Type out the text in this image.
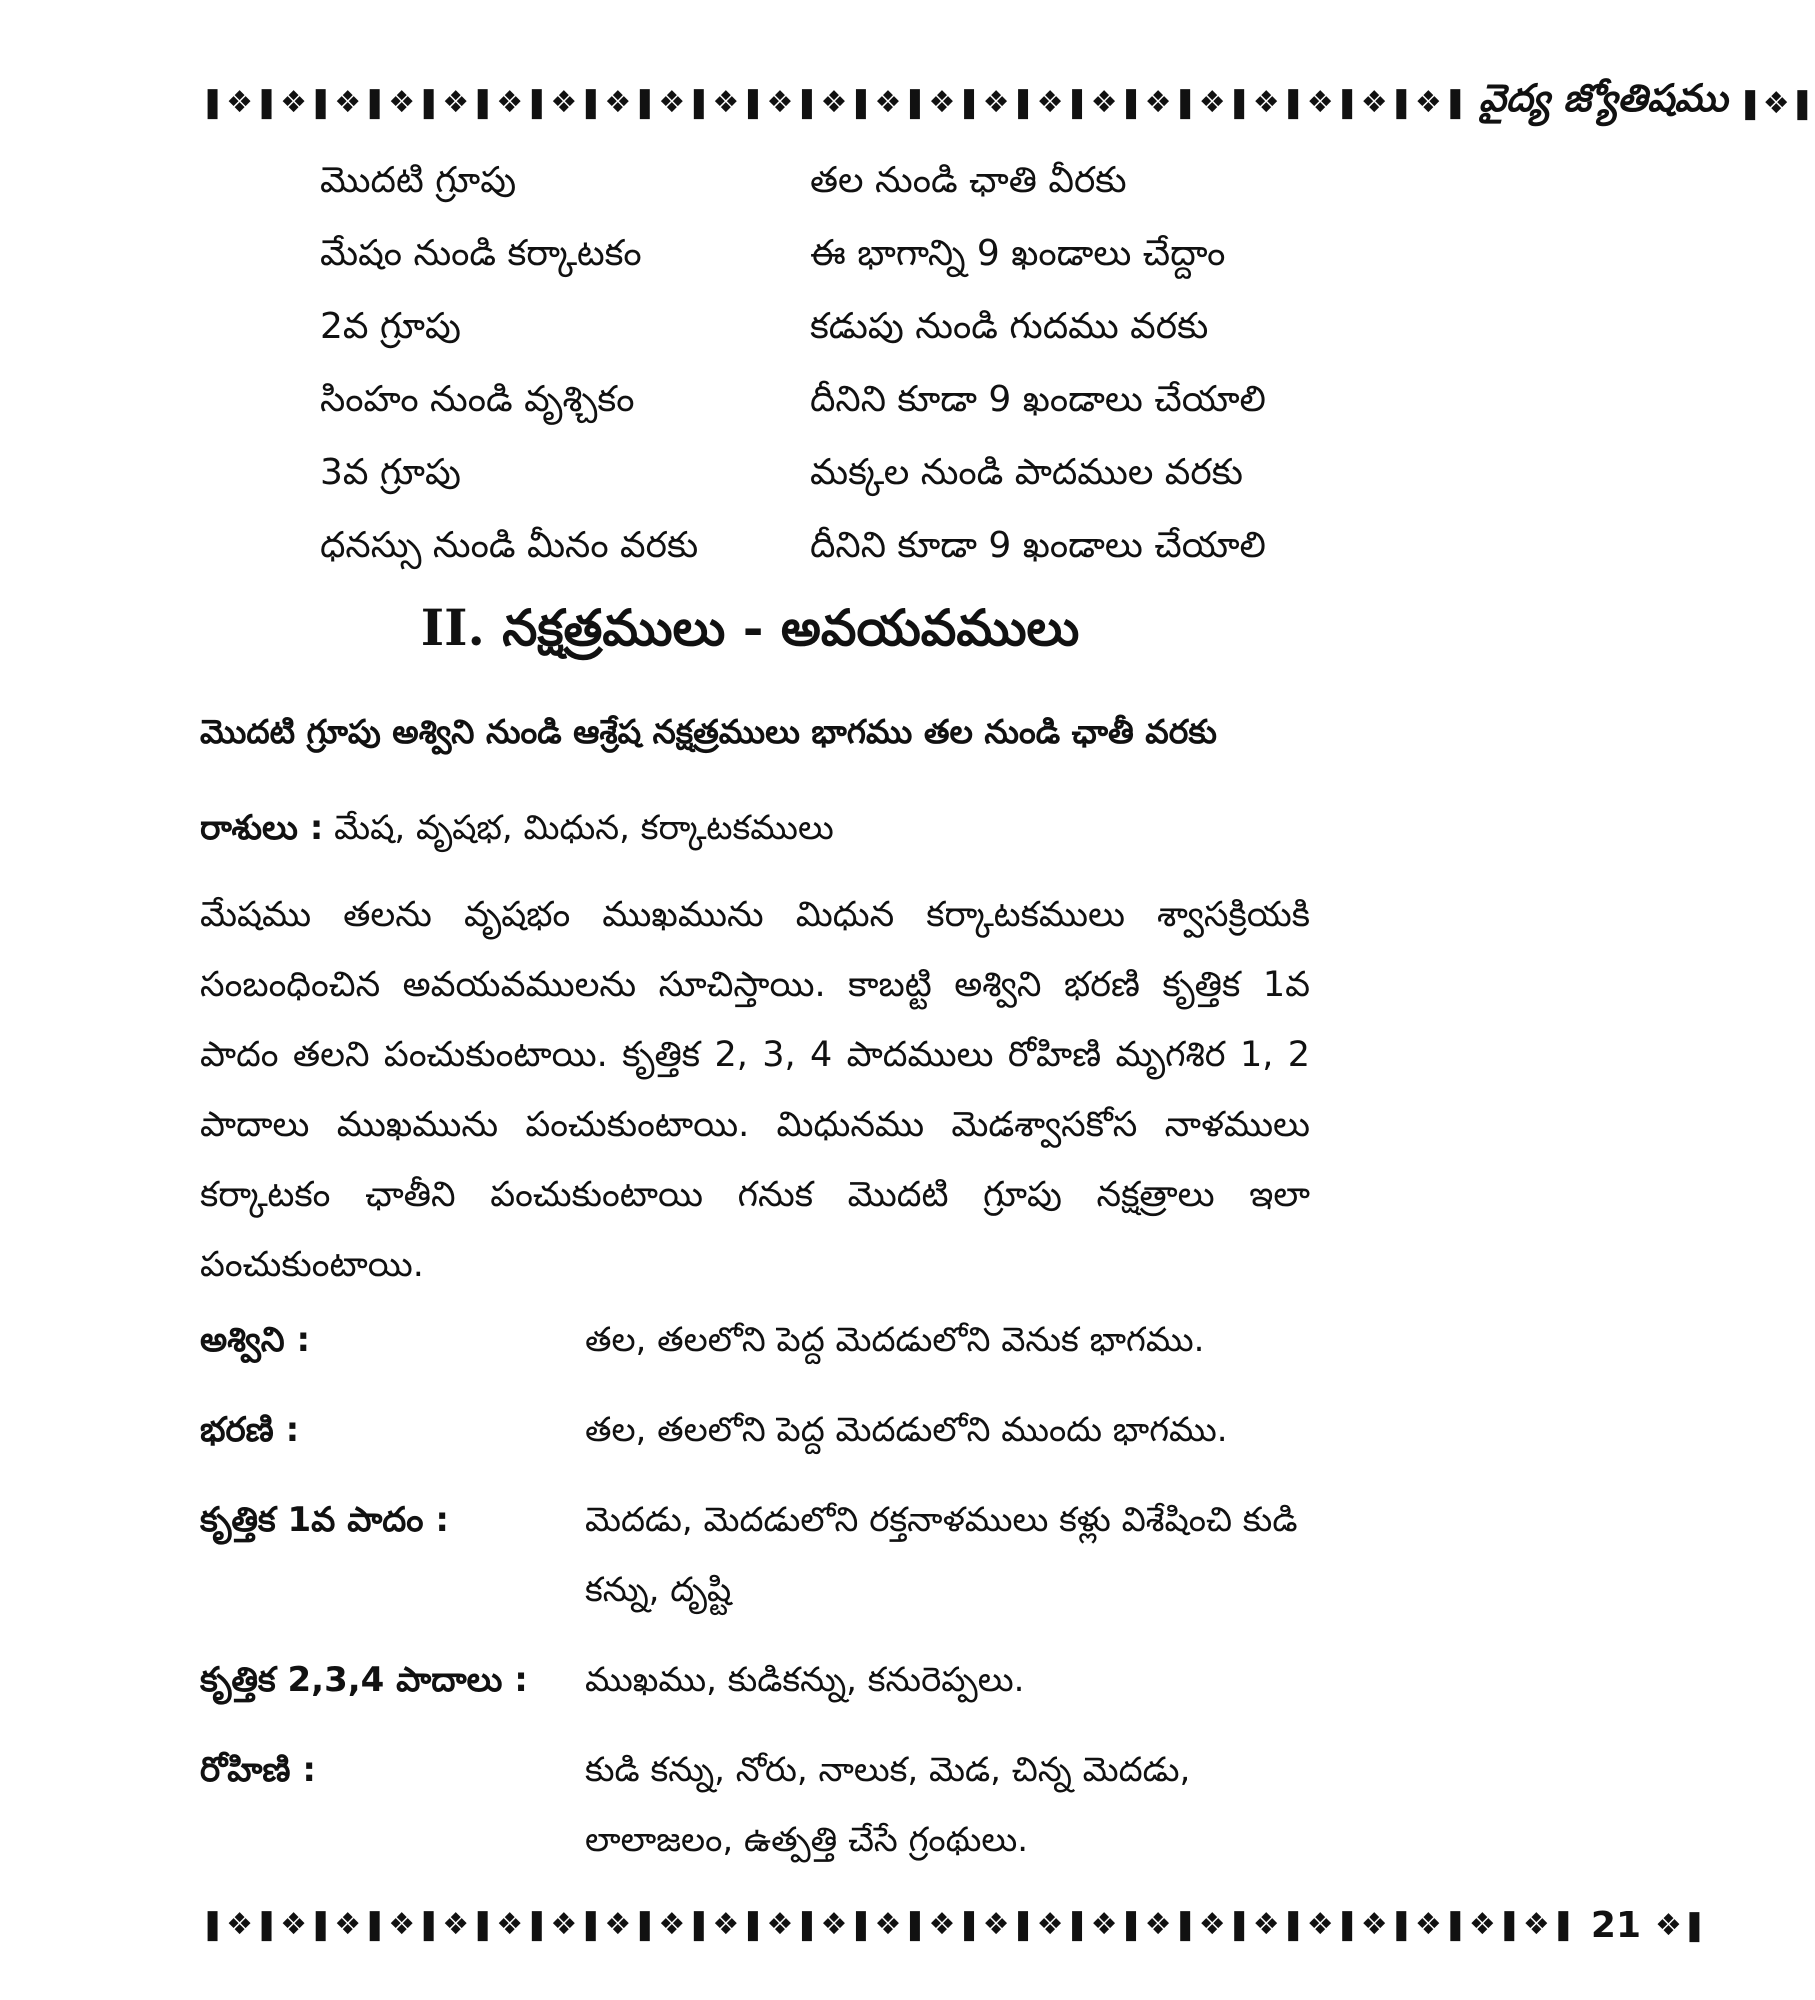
❚❖❚❖❚❖❚❖❚❖❚❖❚❖❚❖❚❖❚❖❚❖❚❖❚❖❚❖❚❖❚❖❚❖❚❖❚❖❚❖❚❖❚❖❚❖❚ వైద్య జ్యోతిషము ❚❖❚
మొదటి గ్రూపు	తల నుండి ఛాతి వీరకు
మేషం నుండి కర్కాటకం	ఈ భాగాన్ని 9 ఖండాలు చేద్దాం
2వ గ్రూపు	కడుపు నుండి గుదము వరకు
సింహం నుండి వృశ్చికం	దీనిని కూడా 9 ఖండాలు చేయాలి
3వ గ్రూపు	మక్కల నుండి పాదముల వరకు
ధనస్సు నుండి మీనం వరకు	దీనిని కూడా 9 ఖండాలు చేయాలి
II. నక్షత్రములు - అవయవములు
మొదటి గ్రూపు అశ్విని నుండి ఆశ్రేష నక్షత్రములు భాగము తల నుండి ఛాతీ వరకు
రాశులు : మేష, వృషభ, మిధున, కర్కాటకములు
మేషము తలను వృషభం ముఖమును మిధున కర్కాటకములు శ్వాసక్రియకి సంబంధించిన అవయవములను సూచిస్తాయి. కాబట్టి అశ్విని భరణి కృత్తిక 1వ పాదం తలని పంచుకుంటాయి. కృత్తిక 2, 3, 4 పాదములు రోహిణి మృగశిర 1, 2 పాదాలు ముఖమును పంచుకుంటాయి. మిధునము మెడశ్వాసకోస నాళములు కర్కాటకం ఛాతీని పంచుకుంటాయి గనుక మొదటి గ్రూపు నక్షత్రాలు ఇలా పంచుకుంటాయి.
అశ్విని :	తల, తలలోని పెద్ద మెదడులోని వెనుక భాగము.
భరణి :	తల, తలలోని పెద్ద మెదడులోని ముందు భాగము.
కృత్తిక 1వ పాదం :	మెదడు, మెదడులోని రక్తనాళములు కళ్లు విశేషించి కుడి కన్ను, దృష్టి
కృత్తిక 2,3,4 పాదాలు :	ముఖము, కుడికన్ను, కనురెప్పలు.
రోహిణి :	కుడి కన్ను, నోరు, నాలుక, మెడ, చిన్న మెదడు, లాలాజలం, ఉత్పత్తి చేసే గ్రంథులు.
❚❖❚❖❚❖❚❖❚❖❚❖❚❖❚❖❚❖❚❖❚❖❚❖❚❖❚❖❚❖❚❖❚❖❚❖❚❖❚❖❚❖❚❖❚❖❚❖❚❖❚ 21 ❖❚
